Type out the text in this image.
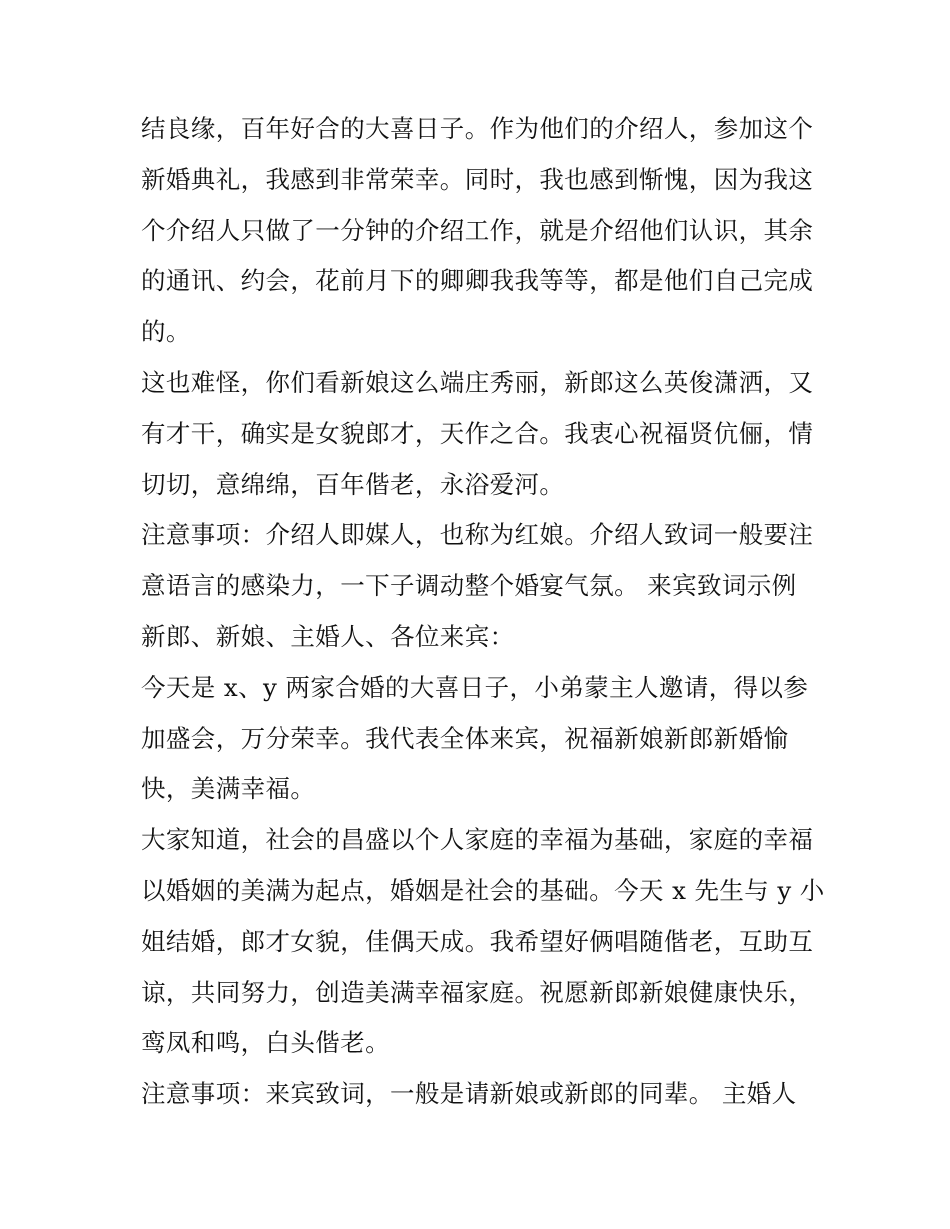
结良缘，百年好合的大喜日子。作为他们的介绍人，参加这个
新婚典礼，我感到非常荣幸。同时，我也感到惭愧，因为我这
个介绍人只做了一分钟的介绍工作，就是介绍他们认识，其余
的通讯、约会，花前月下的卿卿我我等等，都是他们自己完成
的。
这也难怪，你们看新娘这么端庄秀丽，新郎这么英俊潇洒，又
有才干，确实是女貌郎才，天作之合。我衷心祝福贤伉俪，情
切切，意绵绵，百年偕老，永浴爱河。
注意事项：介绍人即媒人，也称为红娘。介绍人致词一般要注
意语言的感染力，一下子调动整个婚宴气氛。 来宾致词示例
新郎、新娘、主婚人、各位来宾：
今天是 x、y 两家合婚的大喜日子，小弟蒙主人邀请，得以参
加盛会，万分荣幸。我代表全体来宾，祝福新娘新郎新婚愉
快，美满幸福。
大家知道，社会的昌盛以个人家庭的幸福为基础，家庭的幸福
以婚姻的美满为起点，婚姻是社会的基础。今天 x 先生与 y 小
姐结婚，郎才女貌，佳偶天成。我希望好俩唱随偕老，互助互
谅，共同努力，创造美满幸福家庭。祝愿新郎新娘健康快乐，
鸾凤和鸣，白头偕老。
注意事项：来宾致词，一般是请新娘或新郎的同辈。 主婚人
